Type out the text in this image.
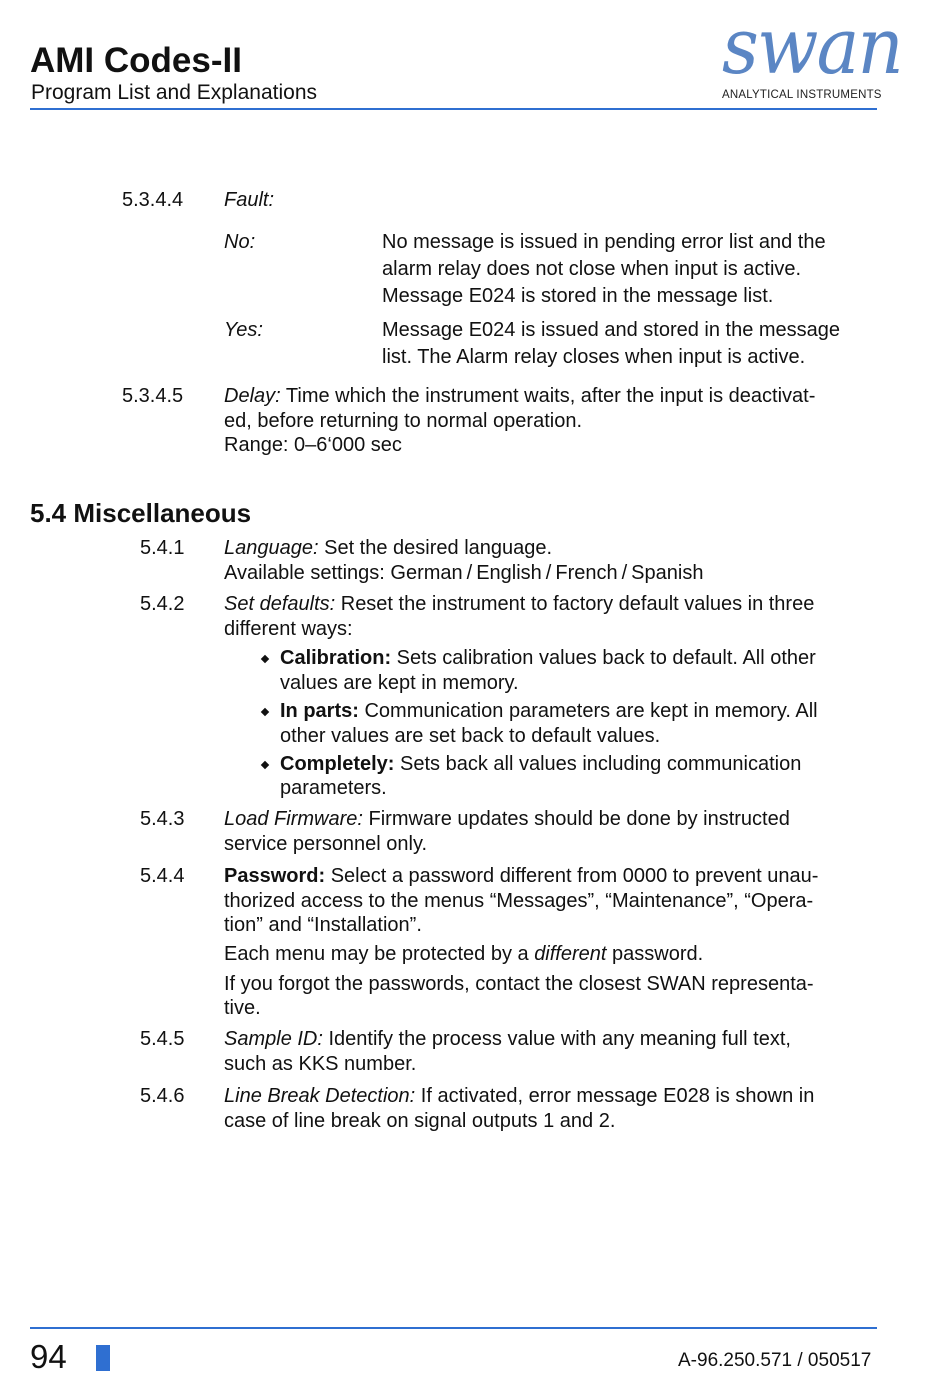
AMI Codes-II
Program List and Explanations
swan
ANALYTICAL INSTRUMENTS
5.3.4.4 Fault:
No:	No message is issued in pending error list and the
alarm relay does not close when input is active.
Message E024 is stored in the message list.
Yes:	Message E024 is issued and stored in the message
list. The Alarm relay closes when input is active.
5.3.4.5 Delay: Time which the instrument waits, after the input is deactivat-
ed, before returning to normal operation.
Range: 0–6‘000 sec
5.4 Miscellaneous
5.4.1 Language: Set the desired language.
Available settings: German / English / French / Spanish
5.4.2 Set defaults: Reset the instrument to factory default values in three
different ways:
Calibration: Sets calibration values back to default. All other
values are kept in memory.
In parts: Communication parameters are kept in memory. All
other values are set back to default values.
Completely: Sets back all values including communication
parameters.
5.4.3 Load Firmware: Firmware updates should be done by instructed
service personnel only.
5.4.4 Password: Select a password different from 0000 to prevent unau-
thorized access to the menus “Messages”, “Maintenance”, “Opera-
tion” and “Installation”.
Each menu may be protected by a different password.
If you forgot the passwords, contact the closest SWAN representa-
tive.
5.4.5 Sample ID: Identify the process value with any meaning full text,
such as KKS number.
5.4.6 Line Break Detection: If activated, error message E028 is shown in
case of line break on signal outputs 1 and 2.
94	A-96.250.571 / 050517
